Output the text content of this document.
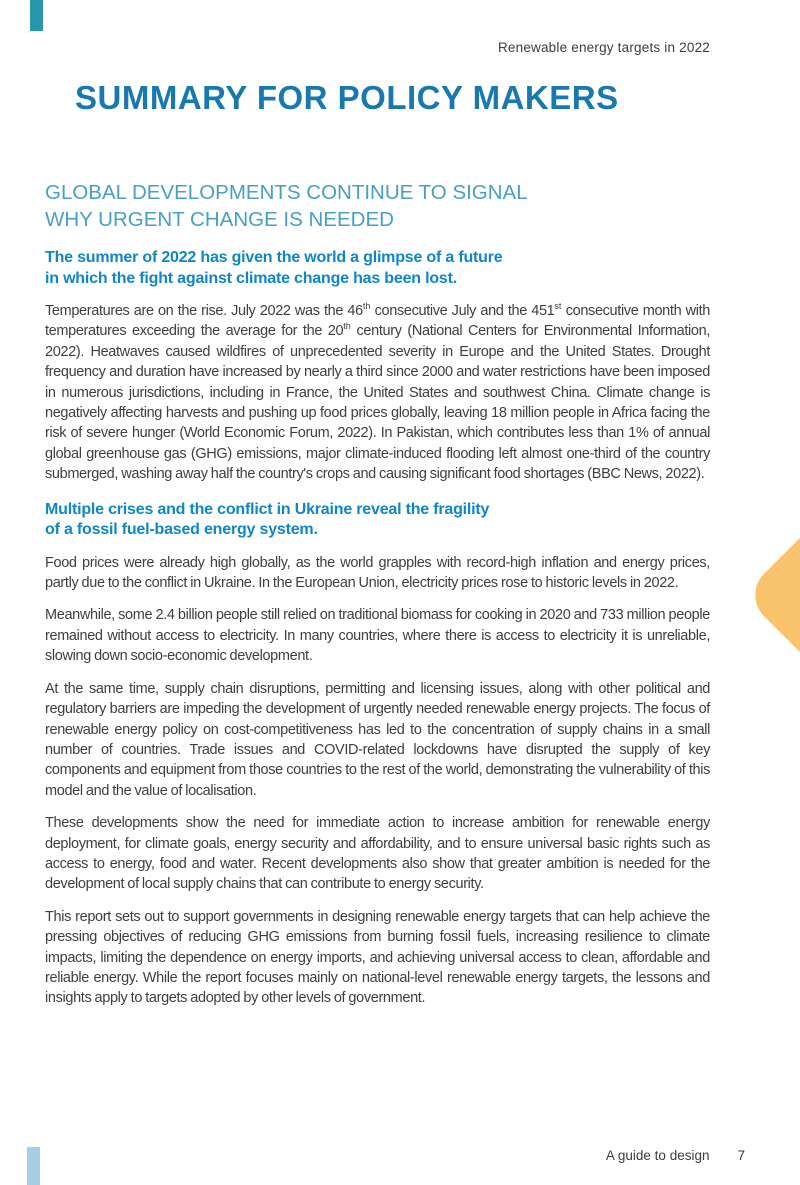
Renewable energy targets in 2022
SUMMARY FOR POLICY MAKERS
GLOBAL DEVELOPMENTS CONTINUE TO SIGNAL
WHY URGENT CHANGE IS NEEDED
The summer of 2022 has given the world a glimpse of a future
in which the fight against climate change has been lost.

Temperatures are on the rise. July 2022 was the 46th consecutive July and the 451st consecutive month with temperatures exceeding the average for the 20th century (National Centers for Environmental Information, 2022). Heatwaves caused wildfires of unprecedented severity in Europe and the United States. Drought frequency and duration have increased by nearly a third since 2000 and water restrictions have been imposed in numerous jurisdictions, including in France, the United States and southwest China. Climate change is negatively affecting harvests and pushing up food prices globally, leaving 18 million people in Africa facing the risk of severe hunger (World Economic Forum, 2022). In Pakistan, which contributes less than 1% of annual global greenhouse gas (GHG) emissions, major climate-induced flooding left almost one-third of the country submerged, washing away half the country's crops and causing significant food shortages (BBC News, 2022).

Multiple crises and the conflict in Ukraine reveal the fragility
of a fossil fuel-based energy system.

Food prices were already high globally, as the world grapples with record-high inflation and energy prices, partly due to the conflict in Ukraine. In the European Union, electricity prices rose to historic levels in 2022.

Meanwhile, some 2.4 billion people still relied on traditional biomass for cooking in 2020 and 733 million people remained without access to electricity. In many countries, where there is access to electricity it is unreliable, slowing down socio-economic development.

At the same time, supply chain disruptions, permitting and licensing issues, along with other political and regulatory barriers are impeding the development of urgently needed renewable energy projects. The focus of renewable energy policy on cost-competitiveness has led to the concentration of supply chains in a small number of countries. Trade issues and COVID-related lockdowns have disrupted the supply of key components and equipment from those countries to the rest of the world, demonstrating the vulnerability of this model and the value of localisation.

These developments show the need for immediate action to increase ambition for renewable energy deployment, for climate goals, energy security and affordability, and to ensure universal basic rights such as access to energy, food and water. Recent developments also show that greater ambition is needed for the development of local supply chains that can contribute to energy security.

This report sets out to support governments in designing renewable energy targets that can help achieve the pressing objectives of reducing GHG emissions from burning fossil fuels, increasing resilience to climate impacts, limiting the dependence on energy imports, and achieving universal access to clean, affordable and reliable energy. While the report focuses mainly on national-level renewable energy targets, the lessons and insights apply to targets adopted by other levels of government.

A guide to design 7
